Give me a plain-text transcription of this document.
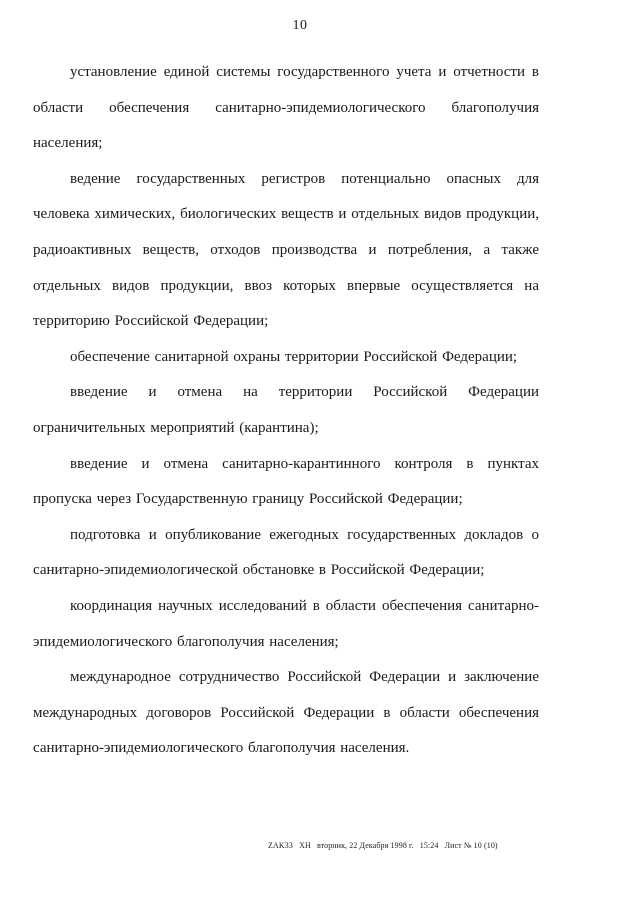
10

установление единой системы государственного учета и отчетности в области обеспечения санитарно-эпидемиологического благополучия населения;

ведение государственных регистров потенциально опасных для человека химических, биологических веществ и отдельных видов продукции, радиоактивных веществ, отходов производства и потребления, а также отдельных видов продукции, ввоз которых впервые осуществляется на территорию Российской Федерации;

обеспечение санитарной охраны территории Российской Федерации;

введение и отмена на территории Российской Федерации ограничительных мероприятий (карантина);

введение и отмена санитарно-карантинного контроля в пунктах пропуска через Государственную границу Российской Федерации;

подготовка и опубликование ежегодных государственных докладов о санитарно-эпидемиологической обстановке в Российской Федерации;

координация научных исследований в области обеспечения санитарно-эпидемиологического благополучия населения;

международное сотрудничество Российской Федерации и заключение международных договоров Российской Федерации в области обеспечения санитарно-эпидемиологического благополучия населения.

ZAK33 XH вторник, 22 Декабря 1998 г. 15:24 Лист № 10 (10)
